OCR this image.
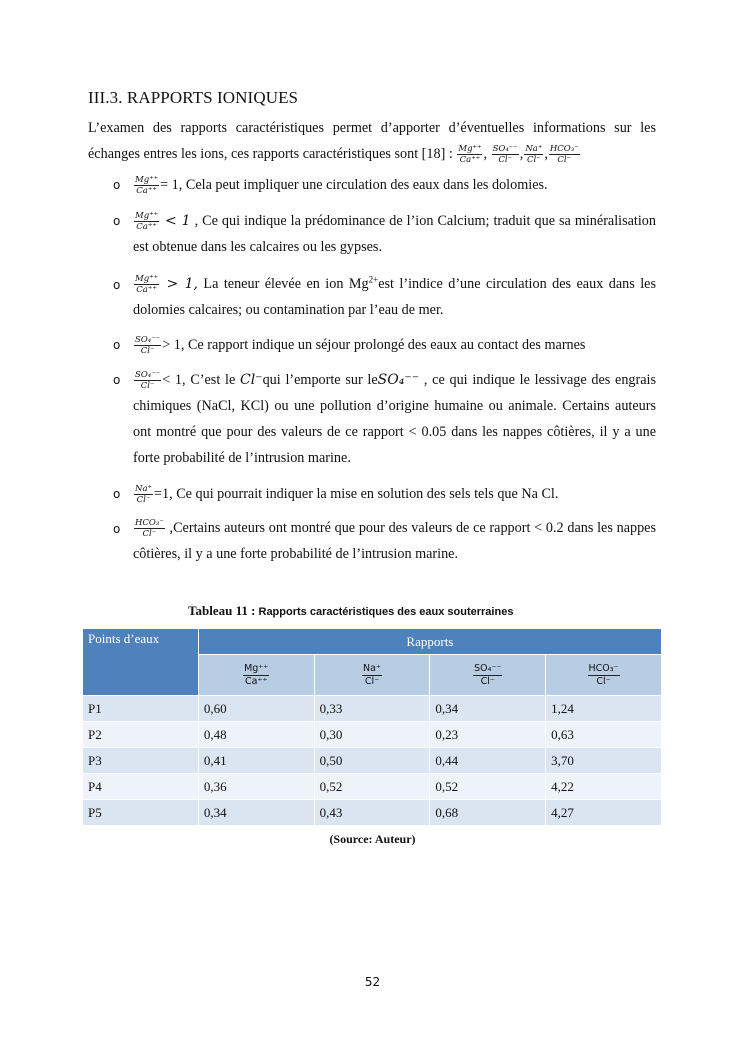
III.3. RAPPORTS IONIQUES
L’examen des rapports caractéristiques permet d’apporter d’éventuelles informations sur les échanges entres les ions, ces rapports caractéristiques sont [18] : $\frac{Mg^{++}}{Ca^{++}}$ , $\frac{\text{SO₄⁻⁻}}{Cl^-}$ , $\frac{Na^+}{Cl^-}$ , $\frac{\text{HCO₃⁻}}{Cl^-}$
o $\frac{Mg^{++}}{Ca^{++}} = 1$, Cela peut impliquer une circulation des eaux dans les dolomies.
o $\frac{Mg^{++}}{Ca^{++}} < 1$ , Ce qui indique la prédominance de l’ion Calcium; traduit que sa minéralisation est obtenue dans les calcaires ou les gypses.
o $\frac{Mg^{++}}{Ca^{++}} > 1$, La teneur élevée en ion $Mg^{2+}est$ l’indice d’une circulation des eaux dans les dolomies calcaires; ou contamination par l’eau de mer.
o $\frac{\text{SO₄⁻⁻}}{Cl^-} > 1$, Ce rapport indique un séjour prolongé des eaux au contact des marnes
o $\frac{\text{SO₄⁻⁻}}{Cl^-} < 1$, C’est le Cl⁻qui l’emporte sur leSO₄⁻⁻ , ce qui indique le lessivage des engrais chimiques (NaCl, KCl) ou une pollution d’origine humaine ou animale. Certains auteurs ont montré que pour des valeurs de ce rapport < 0.05 dans les nappes côtières, il y a une forte probabilité de l’intrusion marine.
o $\frac{Na^+}{Cl^-} =1$, Ce qui pourrait indiquer la mise en solution des sels tels que Na Cl.
o $\frac{\text{HCO₃⁻}}{Cl^-}$ ,Certains auteurs ont montré que pour des valeurs de ce rapport < 0.2 dans les nappes côtières, il y a une forte probabilité de l’intrusion marine.
Tableau 11 : Rapports caractéristiques des eaux souterraines
Points d’eaux	Rapports			

	$\frac{Mg^{++}}{Ca^{++}}$	$\frac{Na^+}{Cl^-}$	$\frac{\text{SO₄⁻⁻}}{Cl^-}$	$\frac{\text{HCO₃⁻}}{Cl^-}$

P1	0,60	0,33	0,34	1,24
P2	0,48	0,30	0,23	0,63
P3	0,41	0,50	0,44	3,70
P4	0,36	0,52	0,52	4,22
P5	0,34	0,43	0,68	4,27
(Source: Auteur)
52
